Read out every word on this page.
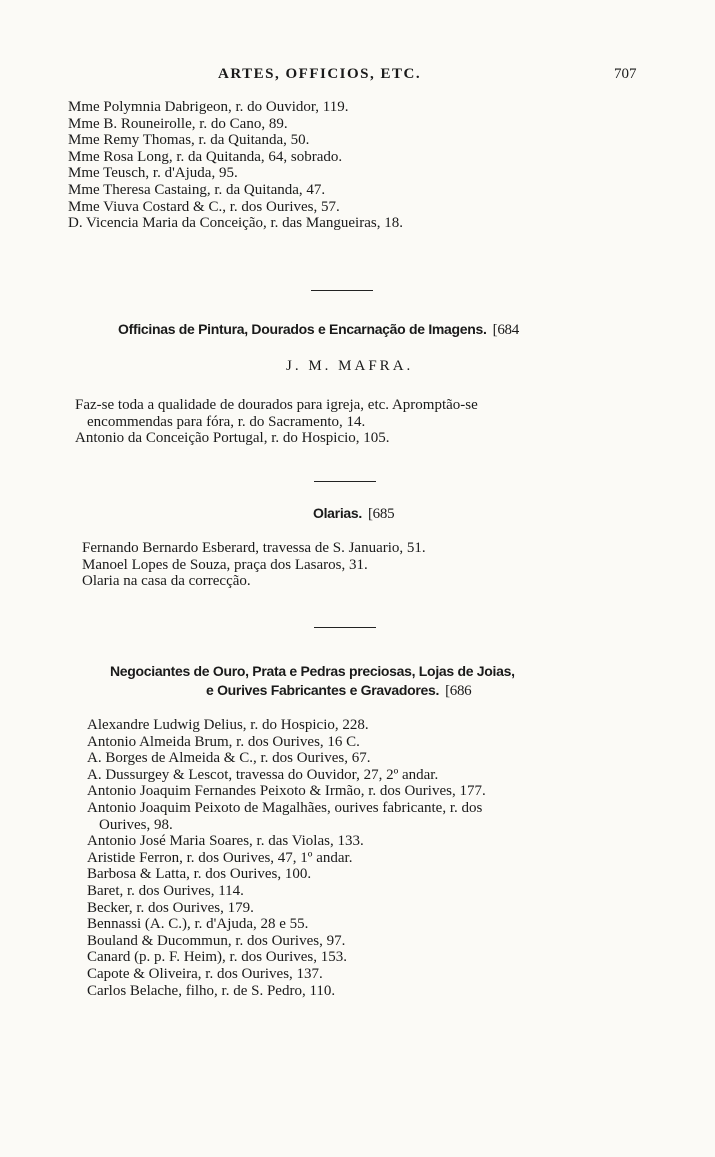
ARTES, OFFICIOS, ETC.	707
Mme Polymnia Dabrigeon, r. do Ouvidor, 119.
Mme B. Rouneirolle, r. do Cano, 89.
Mme Remy Thomas, r. da Quitanda, 50.
Mme Rosa Long, r. da Quitanda, 64, sobrado.
Mme Teusch, r. d'Ajuda, 95.
Mme Theresa Castaing, r. da Quitanda, 47.
Mme Viuva Costard & C., r. dos Ourives, 57.
D. Vicencia Maria da Conceição, r. das Mangueiras, 18.
Officinas de Pintura, Dourados e Encarnação de Imagens. [684
J. M. MAFRA.
Faz-se toda a qualidade de dourados para igreja, etc. Apromptão-se
encommendas para fóra, r. do Sacramento, 14.
Antonio da Conceição Portugal, r. do Hospicio, 105.
Olarias. [685
Fernando Bernardo Esberard, travessa de S. Januario, 51.
Manoel Lopes de Souza, praça dos Lasaros, 31.
Olaria na casa da correcção.
Negociantes de Ouro, Prata e Pedras preciosas, Lojas de Joias,
e Ourives Fabricantes e Gravadores. [686
Alexandre Ludwig Delius, r. do Hospicio, 228.
Antonio Almeida Brum, r. dos Ourives, 16 C.
A. Borges de Almeida & C., r. dos Ourives, 67.
A. Dussurgey & Lescot, travessa do Ouvidor, 27, 2º andar.
Antonio Joaquim Fernandes Peixoto & Irmão, r. dos Ourives, 177.
Antonio Joaquim Peixoto de Magalhães, ourives fabricante, r. dos
Ourives, 98.
Antonio José Maria Soares, r. das Violas, 133.
Aristide Ferron, r. dos Ourives, 47, 1º andar.
Barbosa & Latta, r. dos Ourives, 100.
Baret, r. dos Ourives, 114.
Becker, r. dos Ourives, 179.
Bennassi (A. C.), r. d'Ajuda, 28 e 55.
Bouland & Ducommun, r. dos Ourives, 97.
Canard (p. p. F. Heim), r. dos Ourives, 153.
Capote & Oliveira, r. dos Ourives, 137.
Carlos Belache, filho, r. de S. Pedro, 110.
